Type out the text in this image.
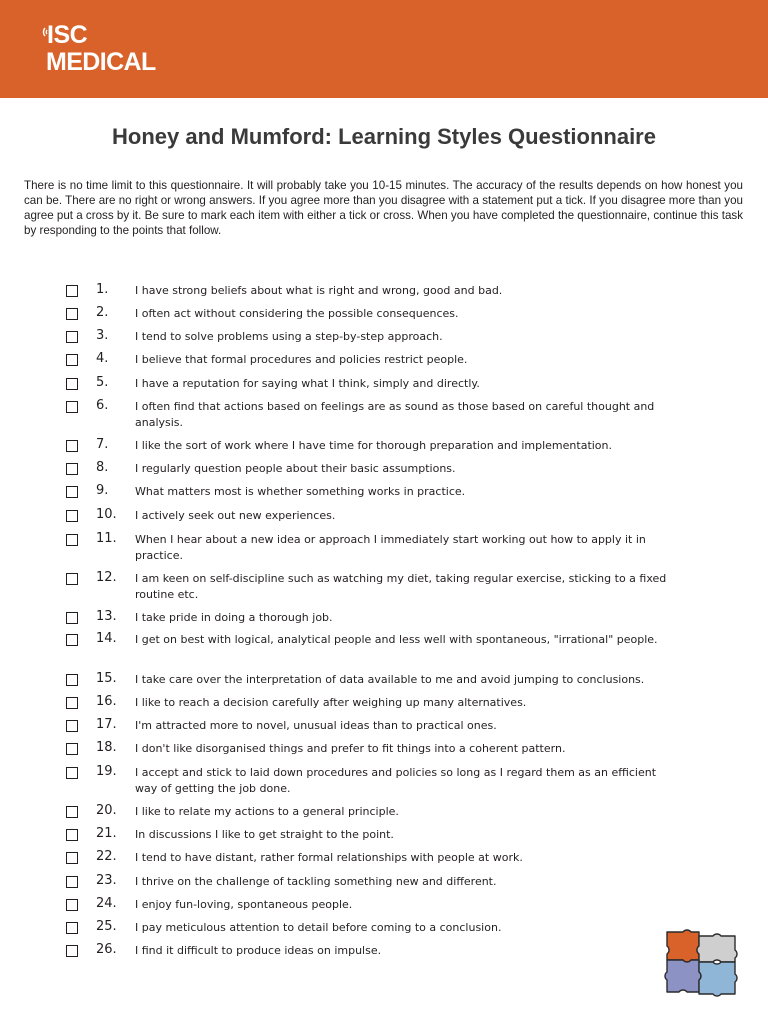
ISC
MEDICAL
Honey and Mumford: Learning Styles Questionnaire

There is no time limit to this questionnaire. It will probably take you 10-15 minutes. The accuracy of the results depends on how honest you can be. There are no right or wrong answers. If you agree more than you disagree with a statement put a tick. If you disagree more than you agree put a cross by it. Be sure to mark each item with either a tick or cross. When you have completed the questionnaire, continue this task by responding to the points that follow.

1. I have strong beliefs about what is right and wrong, good and bad.
2. I often act without considering the possible consequences.
3. I tend to solve problems using a step-by-step approach.
4. I believe that formal procedures and policies restrict people.
5. I have a reputation for saying what I think, simply and directly.
6. I often find that actions based on feelings are as sound as those based on careful thought and analysis.
7. I like the sort of work where I have time for thorough preparation and implementation.
8. I regularly question people about their basic assumptions.
9. What matters most is whether something works in practice.
10. I actively seek out new experiences.
11. When I hear about a new idea or approach I immediately start working out how to apply it in practice.
12. I am keen on self-discipline such as watching my diet, taking regular exercise, sticking to a fixed routine etc.
13. I take pride in doing a thorough job.
14. I get on best with logical, analytical people and less well with spontaneous, "irrational" people.
15. I take care over the interpretation of data available to me and avoid jumping to conclusions.
16. I like to reach a decision carefully after weighing up many alternatives.
17. I'm attracted more to novel, unusual ideas than to practical ones.
18. I don't like disorganised things and prefer to fit things into a coherent pattern.
19. I accept and stick to laid down procedures and policies so long as I regard them as an efficient way of getting the job done.
20. I like to relate my actions to a general principle.
21. In discussions I like to get straight to the point.
22. I tend to have distant, rather formal relationships with people at work.
23. I thrive on the challenge of tackling something new and different.
24. I enjoy fun-loving, spontaneous people.
25. I pay meticulous attention to detail before coming to a conclusion.
26. I find it difficult to produce ideas on impulse.
